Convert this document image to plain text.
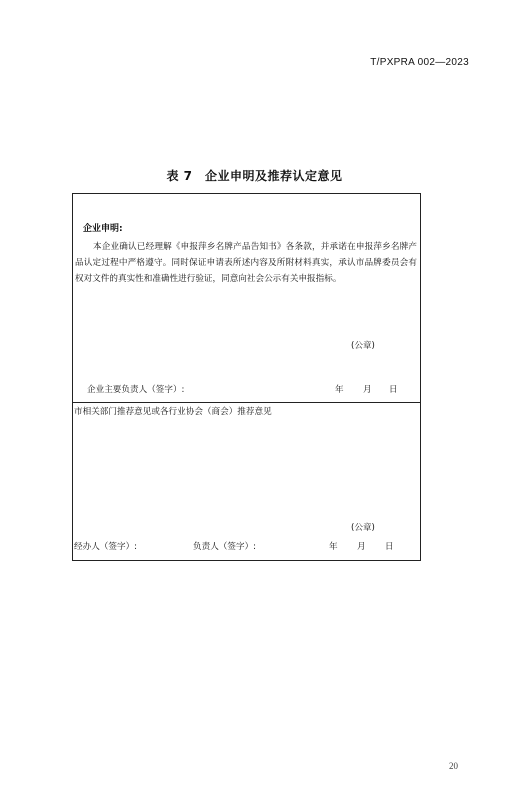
T/PXPRA 002—2023
表 7　企业申明及推荐认定意见
企业申明:
本企业确认已经理解《申报萍乡名牌产品告知书》各条款，并承诺在申报萍乡名牌产品认定过程中严格遵守。同时保证申请表所述内容及所附材料真实，承认市品牌委员会有权对文件的真实性和准确性进行验证，同意向社会公示有关申报指标。
(公章)
企业主要负责人（签字）:	年 月 日
市相关部门推荐意见或各行业协会（商会）推荐意见
(公章)
经办人（签字）:	负责人（签字）:	年 月 日
20
